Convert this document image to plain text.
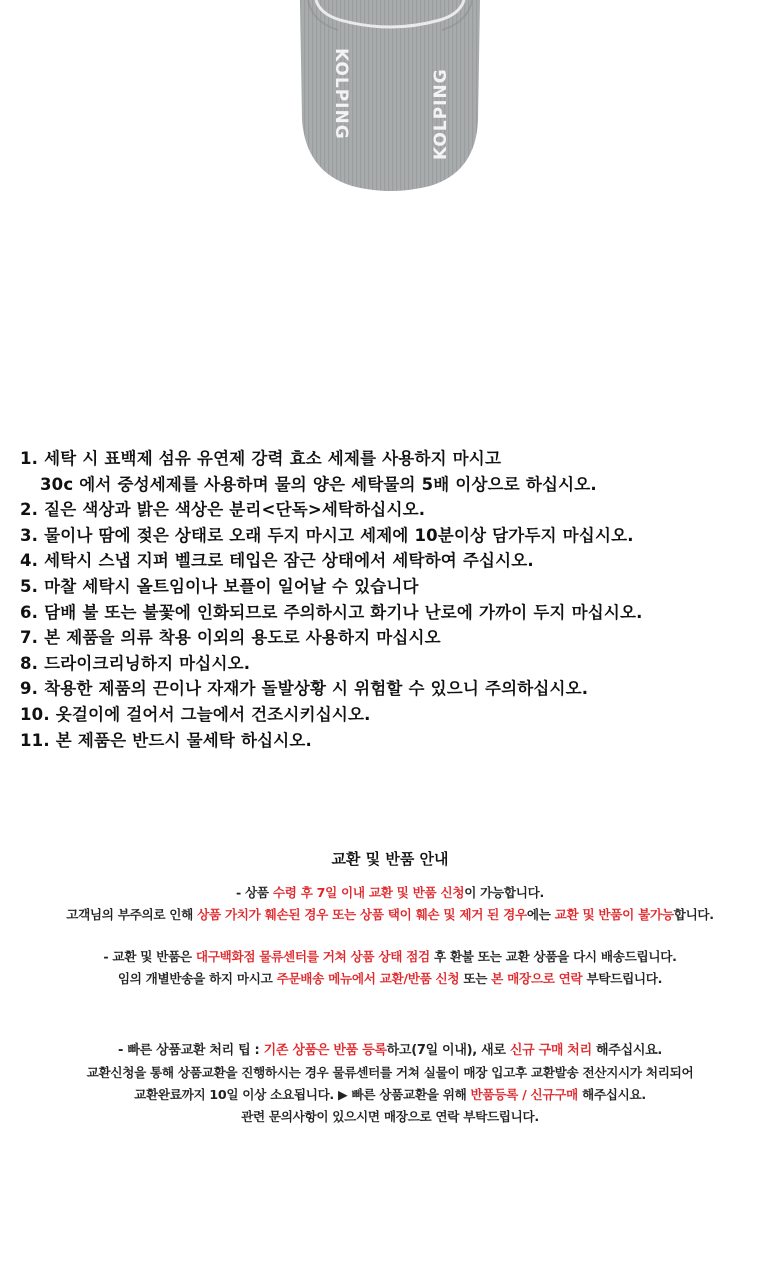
KOLPING	KOLPING
1. 세탁 시 표백제 섬유 유연제 강력 효소 세제를 사용하지 마시고
30c 에서 중성세제를 사용하며 물의 양은 세탁물의 5배 이상으로 하십시오.
2. 짙은 색상과 밝은 색상은 분리<단독>세탁하십시오.
3. 물이나 땀에 젖은 상태로 오래 두지 마시고 세제에 10분이상 담가두지 마십시오.
4. 세탁시 스냅 지퍼 벨크로 테입은 잠근 상태에서 세탁하여 주십시오.
5. 마찰 세탁시 올트임이나 보플이 일어날 수 있습니다
6. 담배 불 또는 불꽃에 인화되므로 주의하시고 화기나 난로에 가까이 두지 마십시오.
7. 본 제품을 의류 착용 이외의 용도로 사용하지 마십시오
8. 드라이크리닝하지 마십시오.
9. 착용한 제품의 끈이나 자재가 돌발상황 시 위험할 수 있으니 주의하십시오.
10. 옷걸이에 걸어서 그늘에서 건조시키십시오.
11. 본 제품은 반드시 물세탁 하십시오.
교환 및 반품 안내
- 상품 수령 후 7일 이내 교환 및 반품 신청이 가능합니다.
고객님의 부주의로 인해 상품 가치가 훼손된 경우 또는 상품 택이 훼손 및 제거 된 경우에는 교환 및 반품이 불가능합니다.
- 교환 및 반품은 대구백화점 물류센터를 거쳐 상품 상태 점검 후 환불 또는 교환 상품을 다시 배송드립니다.
임의 개별반송을 하지 마시고 주문배송 메뉴에서 교환/반품 신청 또는 본 매장으로 연락 부탁드립니다.
- 빠른 상품교환 처리 팁 : 기존 상품은 반품 등록하고(7일 이내), 새로 신규 구매 처리 해주십시요.
교환신청을 통해 상품교환을 진행하시는 경우 물류센터를 거쳐 실물이 매장 입고후 교환발송 전산지시가 처리되어
교환완료까지 10일 이상 소요됩니다. ▶ 빠른 상품교환을 위해 반품등록 / 신규구매 해주십시요.
관련 문의사항이 있으시면 매장으로 연락 부탁드립니다.
